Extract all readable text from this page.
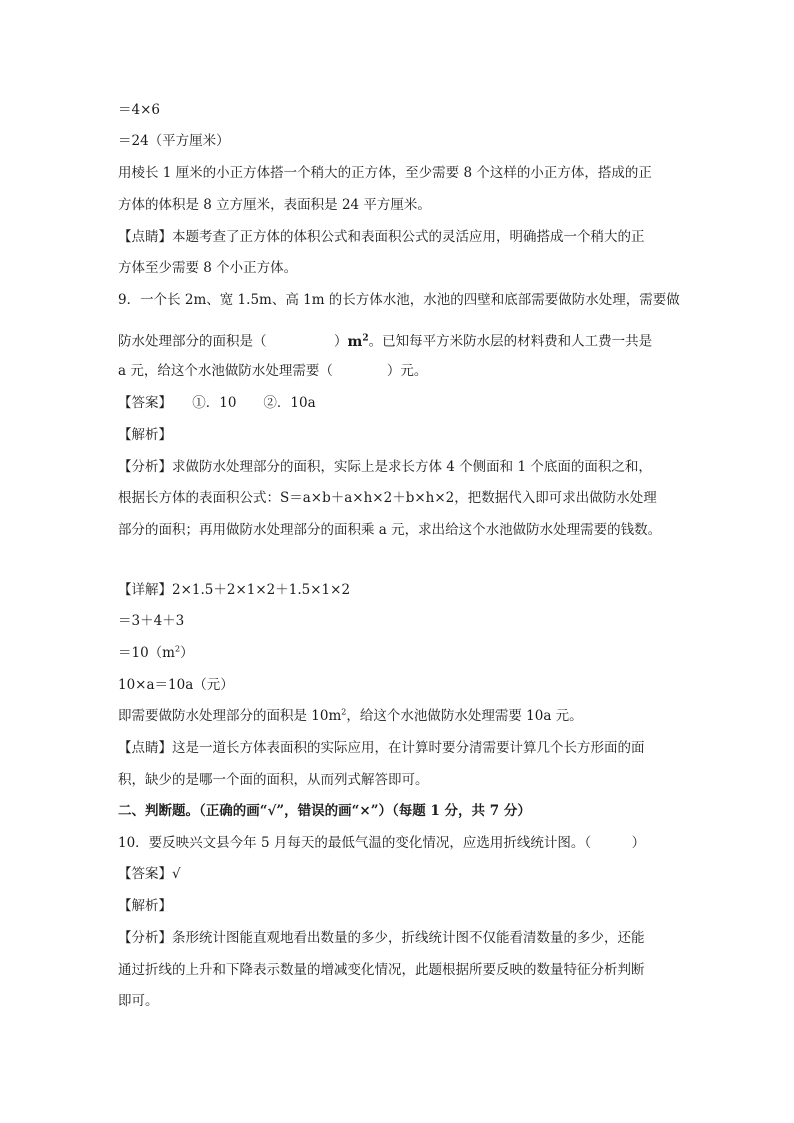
＝4×6
＝24（平方厘米）
用棱长 1 厘米的小正方体搭一个稍大的正方体，至少需要 8 个这样的小正方体，搭成的正
方体的体积是 8 立方厘米，表面积是 24 平方厘米。
【点睛】本题考查了正方体的体积公式和表面积公式的灵活应用，明确搭成一个稍大的正
方体至少需要 8 个小正方体。
9．一个长 2m、宽 1.5m、高 1m 的长方体水池，水池的四壁和底部需要做防水处理，需要做
防水处理部分的面积是（　　　　　）$m^2$。已知每平方米防水层的材料费和人工费一共是
a 元，给这个水池做防水处理需要（　　　　）元。
【答案】　　①．10　　②．10a
【解析】
【分析】求做防水处理部分的面积，实际上是求长方体 4 个侧面和 1 个底面的面积之和，
根据长方体的表面积公式：S＝a×b＋a×h×2＋b×h×2，把数据代入即可求出做防水处理
部分的面积；再用做防水处理部分的面积乘 a 元，求出给这个水池做防水处理需要的钱数。
【详解】2×1.5＋2×1×2＋1.5×1×2
＝3＋4＋3
$=10(m^2)$
10×a＝10a（元）
即需要做防水处理部分的面积是 $10m^2$，给这个水池做防水处理需要 10a 元。
【点睛】这是一道长方体表面积的实际应用，在计算时要分清需要计算几个长方形面的面
积，缺少的是哪一个面的面积，从而列式解答即可。
二、判断题。（正确的画“√”，错误的画“×”）（每题 1 分，共 7 分）
10．要反映兴文县今年 5 月每天的最低气温的变化情况，应选用折线统计图。（　　　）
【答案】√
【解析】
【分析】条形统计图能直观地看出数量的多少，折线统计图不仅能看清数量的多少，还能
通过折线的上升和下降表示数量的增减变化情况，此题根据所要反映的数量特征分析判断
即可。
